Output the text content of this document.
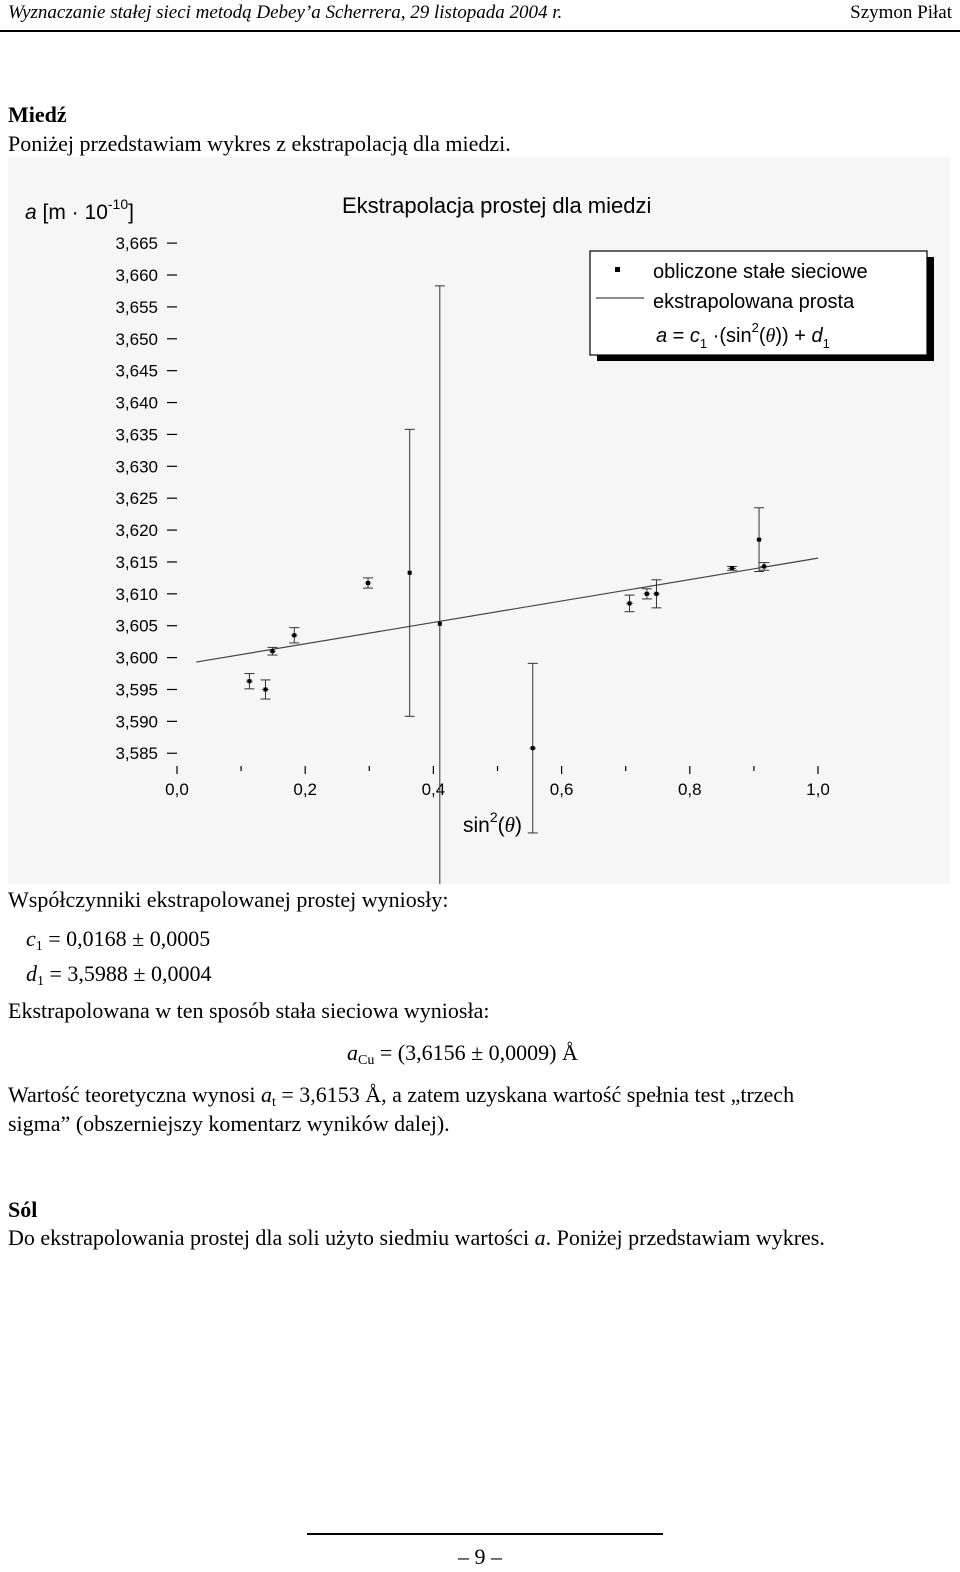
Wyznaczanie stałej sieci metodą Debey’a Scherrera, 29 listopada 2004 r.	Szymon Piłat
Miedź
Poniżej przedstawiam wykres z ekstrapolacją dla miedzi.
a $[m \cdot 10^{-10}]$	Ekstrapolacja prostej dla miedzi
3,585
3,590
3,595
3,600
3,605
3,610
3,615
3,620
3,625
3,630
3,635
3,640
3,645
3,650
3,655
3,660
3,665
0,0	0,2	0,4	0,6	0,8	1,0
$\sin^2(\theta)$
obliczone stałe sieciowe
ekstrapolowana prosta
$a = c_1 \cdot(\sin^2(\theta)) + d_1$
Współczynniki ekstrapolowanej prostej wyniosły:
$c_1 = 0,0168 \pm 0,0005$
$d_1 = 3,5988 \pm 0,0004$
Ekstrapolowana w ten sposób stała sieciowa wyniosła:
$a_{Cu} = (3,6156 \pm 0,0009)$ Å
Wartość teoretyczna wynosi $a_t = 3,6153$ Å, a zatem uzyskana wartość spełnia test „trzech
sigma” (obszerniejszy komentarz wyników dalej).
Sól
Do ekstrapolowania prostej dla soli użyto siedmiu wartości a. Poniżej przedstawiam wykres.
– 9 –
